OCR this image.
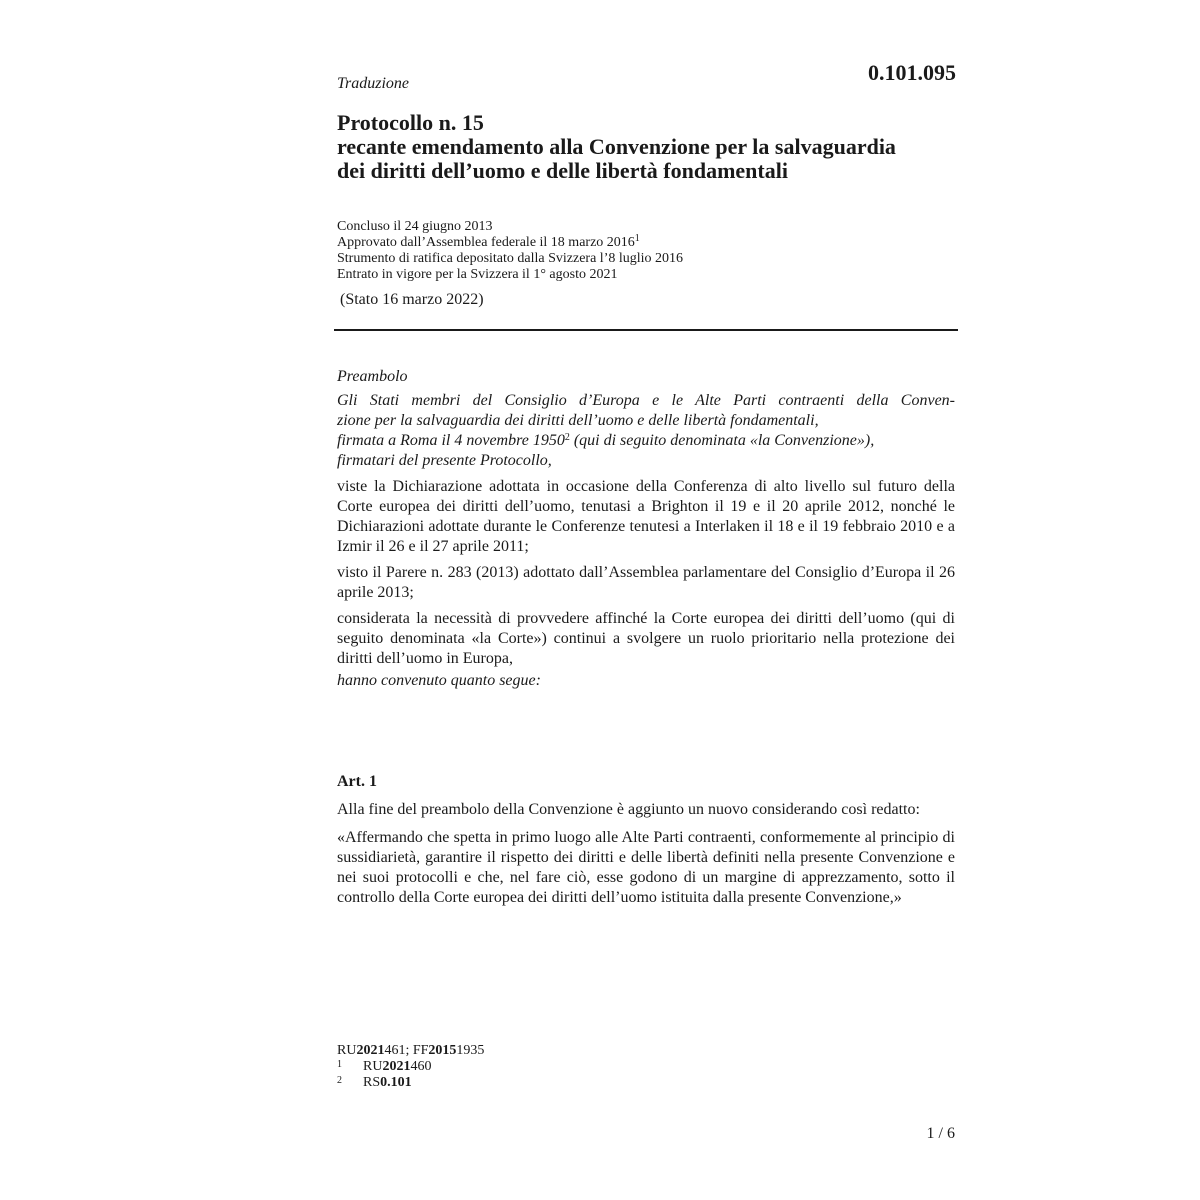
0.101.095
Traduzione
Protocollo n. 15
recante emendamento alla Convenzione per la salvaguardia
dei diritti dell’uomo e delle libertà fondamentali
Concluso il 24 giugno 2013
Approvato dall’Assemblea federale il 18 marzo 2016$^1$
Strumento di ratifica depositato dalla Svizzera l’8 luglio 2016
Entrato in vigore per la Svizzera il 1° agosto 2021
(Stato 16 marzo 2022)

Preambolo

Gli Stati membri del Consiglio d’Europa e le Alte Parti contraenti della Conven-
zione per la salvaguardia dei diritti dell’uomo e delle libertà fondamentali,
firmata a Roma il 4 novembre 1950$^2$ (qui di seguito denominata «la Convenzione»),
firmatari del presente Protocollo,

viste la Dichiarazione adottata in occasione della Conferenza di alto livello sul futuro della Corte europea dei diritti dell’uomo, tenutasi a Brighton il 19 e il 20 aprile 2012, nonché le Dichiarazioni adottate durante le Conferenze tenutesi a Interlaken il 18 e il 19 febbraio 2010 e a Izmir il 26 e il 27 aprile 2011;

visto il Parere n. 283 (2013) adottato dall’Assemblea parlamentare del Consiglio d’Europa il 26 aprile 2013;

considerata la necessità di provvedere affinché la Corte europea dei diritti dell’uomo (qui di seguito denominata «la Corte») continui a svolgere un ruolo prioritario nella protezione dei diritti dell’uomo in Europa,

hanno convenuto quanto segue:

Art. 1

Alla fine del preambolo della Convenzione è aggiunto un nuovo considerando così redatto:

«Affermando che spetta in primo luogo alle Alte Parti contraenti, conformemente al principio di sussidiarietà, garantire il rispetto dei diritti e delle libertà definiti nella presente Convenzione e nei suoi protocolli e che, nel fare ciò, esse godono di un margine di apprezzamento, sotto il controllo della Corte europea dei diritti dell’uomo istituita dalla presente Convenzione,»

RU 2021 461; FF 2015 1935
1	RU 2021 460
2	RS 0.101
1 / 6
